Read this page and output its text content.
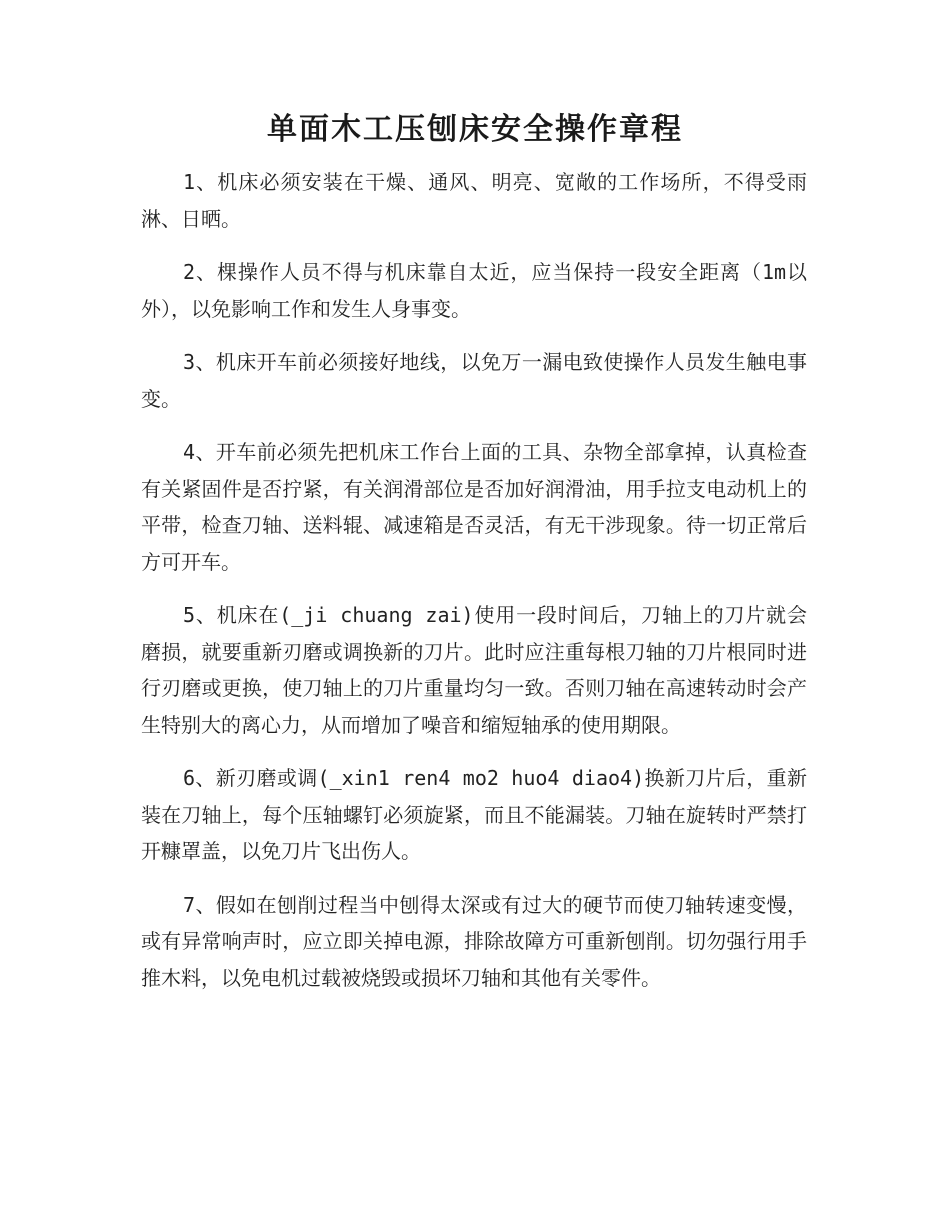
单面木工压刨床安全操作章程

1、机床必须安装在干燥、通风、明亮、宽敞的工作场所，不得受雨淋、日晒。

2、棵操作人员不得与机床靠自太近，应当保持一段安全距离（1m以外），以免影响工作和发生人身事变。

3、机床开车前必须接好地线，以免万一漏电致使操作人员发生触电事变。

4、开车前必须先把机床工作台上面的工具、杂物全部拿掉，认真检查有关紧固件是否拧紧，有关润滑部位是否加好润滑油，用手拉支电动机上的平带，检查刀轴、送料辊、减速箱是否灵活，有无干涉现象。待一切正常后方可开车。

5、机床在(_ji chuang zai)使用一段时间后，刀轴上的刀片就会磨损，就要重新刃磨或调换新的刀片。此时应注重每根刀轴的刀片根同时进行刃磨或更换，使刀轴上的刀片重量均匀一致。否则刀轴在高速转动时会产生特别大的离心力，从而增加了噪音和缩短轴承的使用期限。

6、新刃磨或调(_xin1 ren4 mo2 huo4 diao4)换新刀片后，重新装在刀轴上，每个压轴螺钉必须旋紧，而且不能漏装。刀轴在旋转时严禁打开糠罩盖，以免刀片飞出伤人。

7、假如在刨削过程当中刨得太深或有过大的硬节而使刀轴转速变慢，或有异常响声时，应立即关掉电源，排除故障方可重新刨削。切勿强行用手推木料，以免电机过载被烧毁或损坏刀轴和其他有关零件。
